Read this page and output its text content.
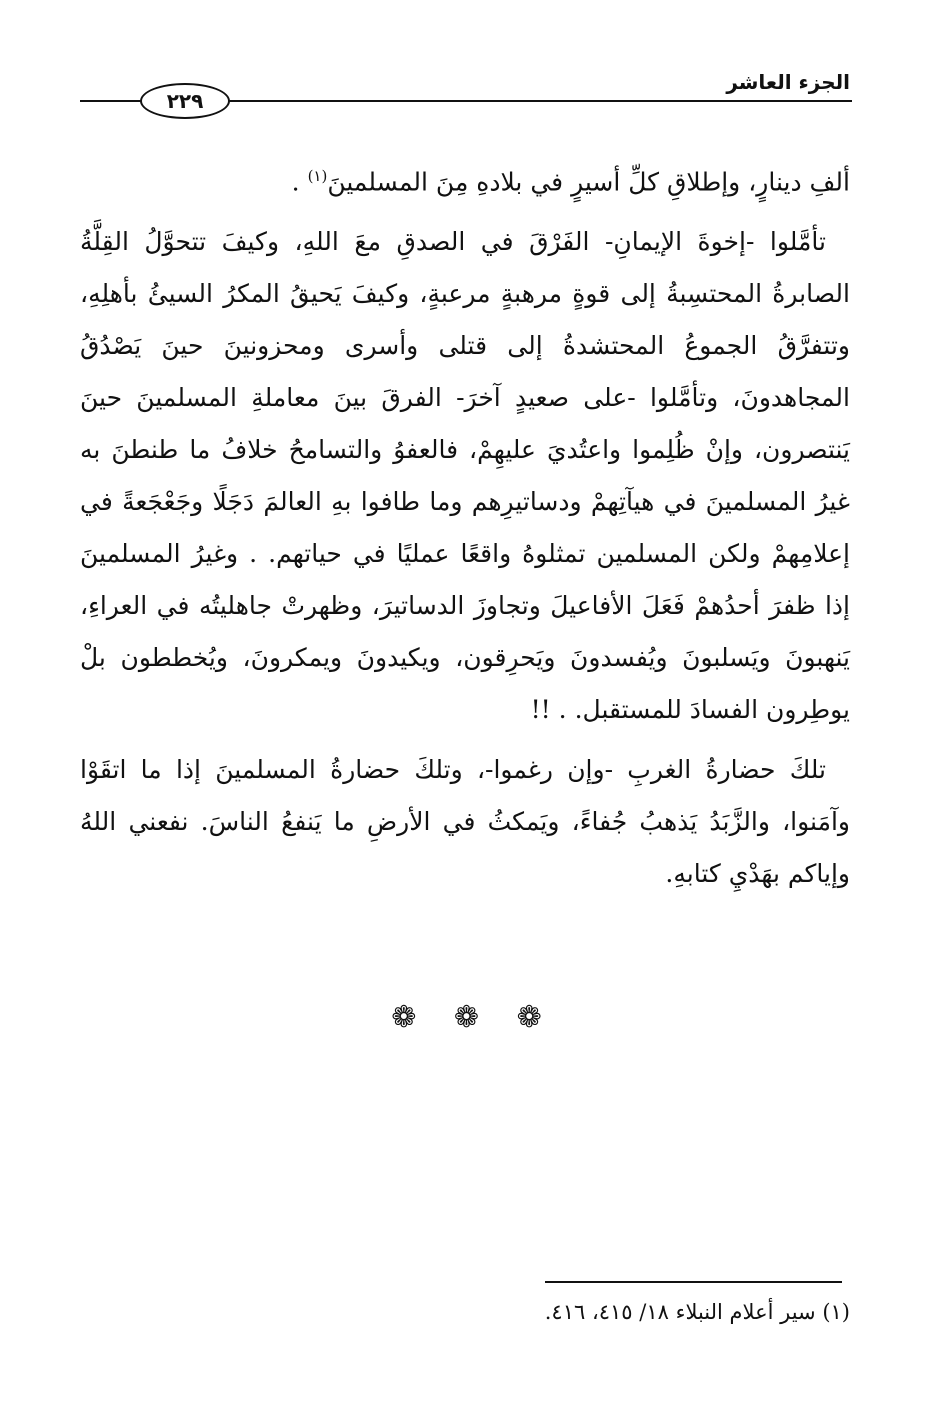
الجزء العاشر
٢٢٩

ألفِ دينارٍ، وإطلاقِ كلِّ أسيرٍ في بلادهِ مِنَ المسلمينَ$^{(١)}$ .

تأمَّلوا -إخوةَ الإيمانِ- الفَرْقَ في الصدقِ معَ اللهِ، وكيفَ تتحوَّلُ القِلَّةُ الصابرةُ المحتسِبةُ إلى قوةٍ مرهبةٍ مرعبةٍ، وكيفَ يَحيقُ المكرُ السيئُ بأهلِهِ، وتتفرَّقُ الجموعُ المحتشدةُ إلى قتلى وأسرى ومحزونينَ حينَ يَصْدُقُ المجاهدونَ، وتأمَّلوا -على صعيدٍ آخرَ- الفرقَ بينَ معاملةِ المسلمينَ حينَ يَنتصرون، وإنْ ظُلِموا واعتُديَ عليهِمْ، فالعفوُ والتسامحُ خلافُ ما طنطنَ به غيرُ المسلمينَ في هيآتِهمْ ودساتيرِهم وما طافوا بهِ العالمَ دَجَلًا وجَعْجَعةً في إعلامِهمْ ولكن المسلمين تمثلوهُ واقعًا عمليًا في حياتهم. . وغيرُ المسلمينَ إذا ظفرَ أحدُهمْ فَعَلَ الأفاعيلَ وتجاوزَ الدساتيرَ، وظهرتْ جاهليتُه في العراءِ، يَنهبونَ ويَسلبونَ ويُفسدونَ ويَحرِقون، ويكيدونَ ويمكرونَ، ويُخططون بلْ يوطِرون الفسادَ للمستقبل. . !!

تلكَ حضارةُ الغربِ -وإن رغموا-، وتلكَ حضارةُ المسلمينَ إذا ما اتقَوْا وآمَنوا، والزَّبَدُ يَذهبُ جُفاءً، ويَمكثُ في الأرضِ ما يَنفعُ الناسَ. نفعني اللهُ وإياكم بهَدْيِ كتابهِ.

❁ ❁ ❁
(١) سير أعلام النبلاء ١٨/ ٤١٥، ٤١٦.
